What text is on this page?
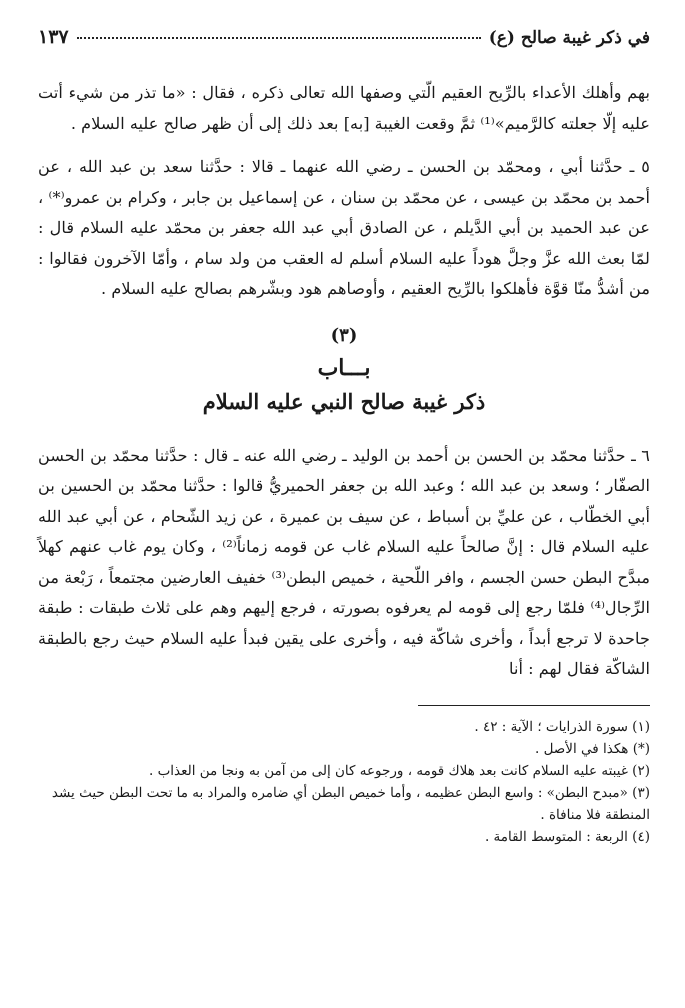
في ذكر غيبة صالح (ع)
١٣٧

بهم وأهلك الأعداء بالرِّيح العقيم الّتي وصفها الله تعالى ذكره ، فقال : «ما تذر من شيء أتت عليه إلّا جعلته كالرَّميم»⁽¹⁾ ثمَّ وقعت الغيبة [به] بعد ذلك إلى أن ظهر صالح عليه السلام .

٥ ـ حدَّثنا أبي ، ومحمّد بن الحسن ـ رضي الله عنهما ـ قالا : حدَّثنا سعد بن عبد الله ، عن أحمد بن محمّد بن عيسى ، عن محمّد بن سنان ، عن إسماعيل بن جابر ، وكرام بن عمرو⁽*⁾ ، عن عبد الحميد بن أبي الدَّيلم ، عن الصادق أبي عبد الله جعفر بن محمّد عليه السلام قال : لمّا بعث الله عزَّ وجلَّ هوداً عليه السلام أسلم له العقب من ولد سام ، وأمّا الآخرون فقالوا : من أشدُّ منّا قوَّة فأهلكوا بالرِّيح العقيم ، وأوصاهم هود وبشّرهم بصالح عليه السلام .

(٣)
بـــاب
ذكر غيبة صالح النبي عليه السلام

٦ ـ حدَّثنا محمّد بن الحسن بن أحمد بن الوليد ـ رضي الله عنه ـ قال : حدَّثنا محمّد بن الحسن الصفّار ؛ وسعد بن عبد الله ؛ وعبد الله بن جعفر الحميريُّ قالوا : حدَّثنا محمّد بن الحسين بن أبي الخطّاب ، عن عليِّ بن أسباط ، عن سيف بن عميرة ، عن زيد الشّحام ، عن أبي عبد الله عليه السلام قال : إنَّ صالحاً عليه السلام غاب عن قومه زماناً⁽²⁾ ، وكان يوم غاب عنهم كهلاً مبدَّح البطن حسن الجسم ، وافر اللّحية ، خميص البطن⁽³⁾ خفيف العارضين مجتمعاً ، رَبْعة من الرِّجال⁽⁴⁾ فلمّا رجع إلى قومه لم يعرفوه بصورته ، فرجع إليهم وهم على ثلاث طبقات : طبقة جاحدة لا ترجع أبداً ، وأخرى شاكّة فيه ، وأخرى على يقين فبدأ عليه السلام حيث رجع بالطبقة الشاكّة فقال لهم : أنا

(١) سورة الذرايات ؛ الآية : ٤٢ .

(*) هكذا في الأصل .

(٢) غيبته عليه السلام كانت بعد هلاك قومه ، ورجوعه كان إلى من آمن به ونجا من العذاب .

(٣) «مبدح البطن» : واسع البطن عظيمه ، وأما خميص البطن أي ضامره والمراد به ما تحت البطن حيث يشد المنطقة فلا منافاة .

(٤) الربعة : المتوسط القامة .
